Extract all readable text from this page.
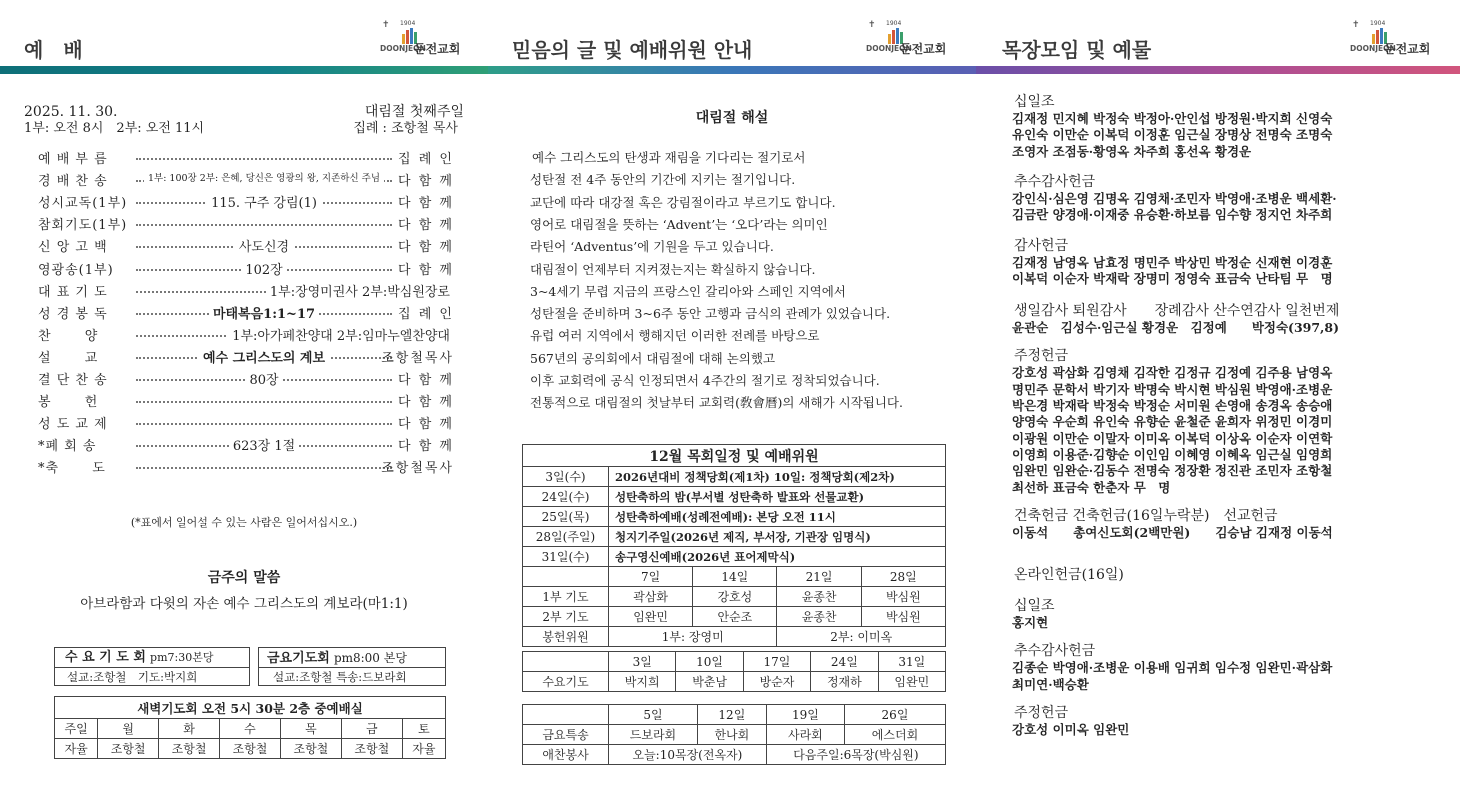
예　배
✝ 1904
DOONJEON
둔전교회
2025. 11. 30.	대림절 첫째주일
1부: 오전 8시　2부: 오전 11시	집례 : 조항철 목사
예 배 부 름	집 례 인
경 배 찬 송	1부: 100장 2부: 은혜, 당신은 영광의 왕, 지존하신 주님	다 함 께
성시교독(1부)	115. 구주 강림(1)	다 함 께
참회기도(1부)	다 함 께
신 앙 고 백	사도신경	다 함 께
영광송(1부)	102장	다 함 께
대 표 기 도	1부:장영미권사 2부:박심원장로
성 경 봉 독	마태복음1:1~17	집 례 인
찬　　 양	1부:아가페찬양대 2부:임마누엘찬양대
설　　 교	예수 그리스도의 계보	조항철목사
결 단 찬 송	80장	다 함 께
봉　　 헌	다 함 께
성 도 교 제	다 함 께
*폐 회 송	623장 1절	다 함 께
*축　　 도	조항철목사
(*표에서 일어설 수 있는 사람은 일어서십시오.)
금주의 말씀
아브라함과 다윗의 자손 예수 그리스도의 계보라(마1:1)
수 요 기 도 회 pm7:30본당
설교:조항철　기도:박지희
금요기도회 pm8:00 본당
설교:조항철 특송:드보라회
새벽기도회 오전 5시 30분 2층 중예배실						
주일	월	화	수	목	금	토
자율	조항철	조항철	조항철	조항철	조항철	자율
믿음의 글 및 예배위원 안내
✝ 1904
DOONJEON
둔전교회
대림절 해설
예수 그리스도의 탄생과 재림을 기다리는 절기로서
성탄절 전 4주 동안의 기간에 지키는 절기입니다.
교단에 따라 대강절 혹은 강림절이라고 부르기도 합니다.
영어로 대림절을 뜻하는 ‘Advent’는 ‘오다’라는 의미인
라틴어 ‘Adventus’에 기원을 두고 있습니다.
대림절이 언제부터 지켜졌는지는 확실하지 않습니다.
3~4세기 무렵 지금의 프랑스인 갈리아와 스페인 지역에서
성탄절을 준비하며 3~6주 동안 고행과 금식의 관례가 있었습니다.
유럽 여러 지역에서 행해지던 이러한 전례를 바탕으로
567년의 공의회에서 대림절에 대해 논의했고
이후 교회력에 공식 인정되면서 4주간의 절기로 정착되었습니다.
전통적으로 대림절의 첫날부터 교회력(敎會曆)의 새해가 시작됩니다.
12월 목회일정 및 예배위원				
3일(수)	2026년대비 정책당회(제1차) 10일: 정책당회(제2차)			
24일(수)	성탄축하의 밤(부서별 성탄축하 발표와 선물교환)			
25일(목)	성탄축하예배(성례전예배): 본당 오전 11시			
28일(주일)	청지기주일(2026년 제직, 부서장, 기관장 임명식)			
31일(수)	송구영신예배(2026년 표어제막식)			
	7일	14일	21일	28일
1부 기도	곽삼화	강호성	윤종찬	박심원
2부 기도	임완민	안순조	윤종찬	박심원
봉헌위원	1부: 장영미		2부: 이미옥	
	3일	10일	17일	24일	31일
수요기도	박지희	박춘남	방순자	정재하	임완민
	5일	12일	19일	26일
금요특송	드보라회	한나회	사라회	에스더회
애찬봉사	오늘:10목장(전옥자)		다음주일:6목장(박심원)	
목장모임 및 예물
✝ 1904
DOONJEON
둔전교회
십일조
김재정 민지혜 박정숙 박정아·안인섭 방정원·박지희 신영숙
유인숙 이만순 이복덕 이정훈 임근실 장명상 전명숙 조명숙
조영자 조점동·황영옥 차주희 홍선옥 황경운
추수감사헌금
강인식·심은영 김명옥 김영채·조민자 박영애·조병운 백세환·
김금란 양경애·이재중 유승환·하보름 임수향 정지언 차주희
감사헌금
김재정 남영옥 남효정 명민주 박상민 박정순 신재현 이경훈
이복덕 이순자 박재락 장명미 정영숙 표금숙 난타팀 무　명
생일감사 퇴원감사　　장례감사 산수연감사 일천번제
윤관순　김성수·임근실 황경운　김정예　　박정숙(397,8)
주정헌금
강호성 곽삼화 김영채 김작한 김정규 김정예 김주용 남영옥
명민주 문학서 박기자 박명숙 박시현 박심원 박영애·조병운
박은경 박재락 박정숙 박정순 서미원 손영애 송경옥 송승애
양영숙 우순희 유인숙 유향순 윤철준 윤희자 위정민 이경미
이광원 이만순 이말자 이미옥 이복덕 이상옥 이순자 이연학
이영희 이용준·김향순 이인임 이혜영 이혜옥 임근실 임영희
임완민 임완순·김동수 전명숙 정장환 정진관 조민자 조항철
최선하 표금숙 한춘자 무　명
건축헌금 건축헌금(16일누락분)　선교헌금
이동석　　총여신도회(2백만원)　　김승남 김재정 이동석
온라인헌금(16일)
십일조
홍지현
추수감사헌금
김종순 박영애·조병운 이용배 임귀희 임수정 임완민·곽삼화
최미연·백승환
주정헌금
강호성 이미옥 임완민
